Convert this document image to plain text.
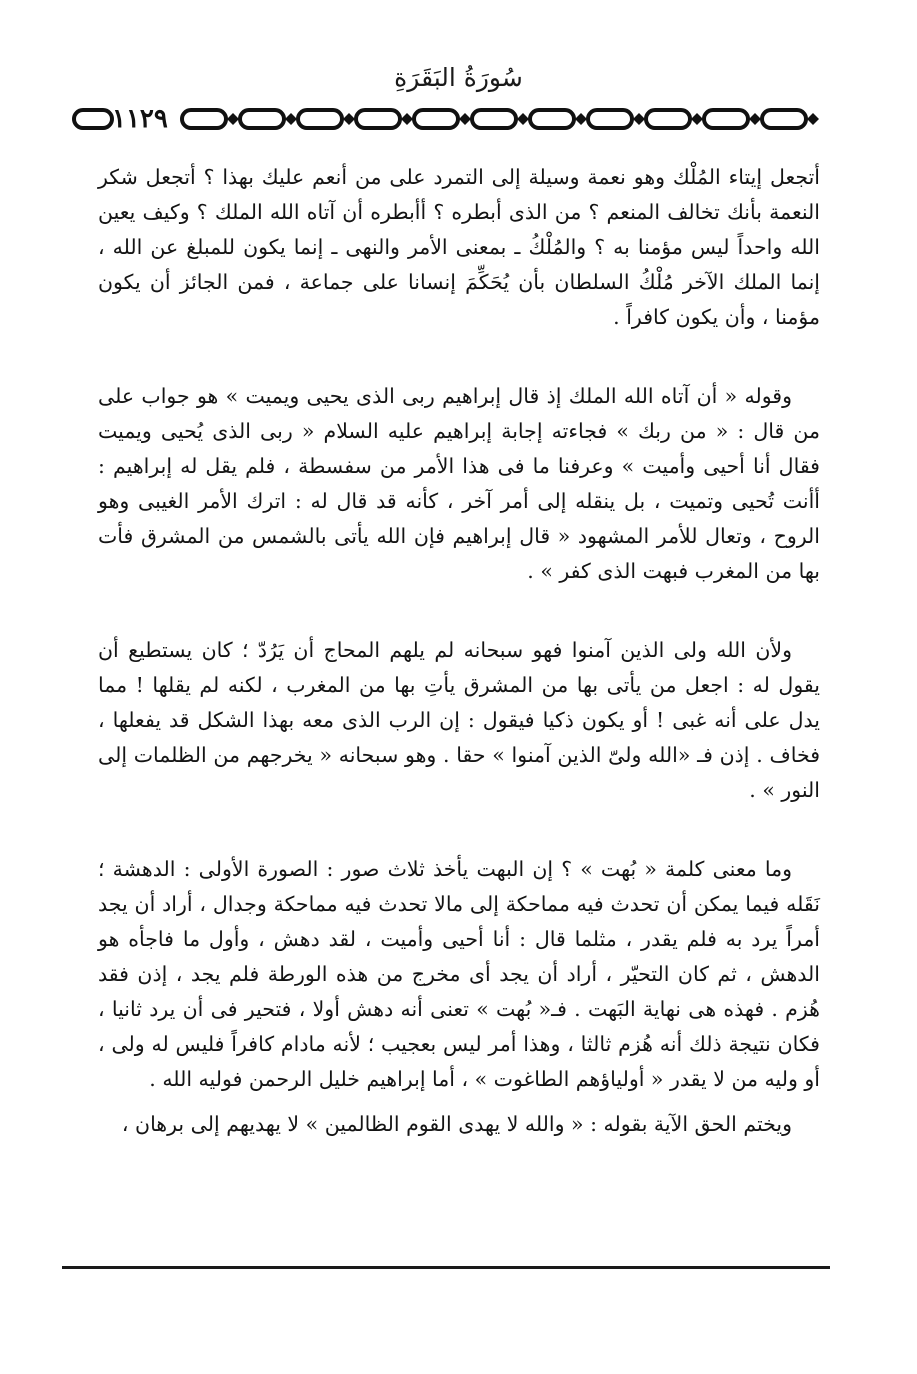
سُورَةُ البَقَرَةِ
١١٢٩

أتجعل إيتاء المُلْك وهو نعمة وسيلة إلى التمرد على من أنعم عليك بهذا ؟ أتجعل شكر النعمة بأنك تخالف المنعم ؟ من الذى أبطره ؟ أأبطره أن آتاه الله الملك ؟ وكيف يعين الله واحداً ليس مؤمنا به ؟ والمُلْكُ ـ بمعنى الأمر والنهى ـ إنما يكون للمبلغ عن الله ، إنما الملك الآخر مُلْكُ السلطان بأن يُحَكِّمَ إنسانا على جماعة ، فمن الجائز أن يكون مؤمنا ، وأن يكون كافراً .

وقوله « أن آتاه الله الملك إذ قال إبراهيم ربى الذى يحيى ويميت » هو جواب على من قال : « من ربك » فجاءته إجابة إبراهيم عليه السلام « ربى الذى يُحيى ويميت فقال أنا أحيى وأميت » وعرفنا ما فى هذا الأمر من سفسطة ، فلم يقل له إبراهيم : أأنت تُحيى وتميت ، بل ينقله إلى أمر آخر ، كأنه قد قال له : اترك الأمر الغيبى وهو الروح ، وتعال للأمر المشهود « قال إبراهيم فإن الله يأتى بالشمس من المشرق فأت بها من المغرب فبهت الذى كفر » .

ولأن الله ولى الذين آمنوا فهو سبحانه لم يلهم المحاج أن يَرُدّ ؛ كان يستطيع أن يقول له : اجعل من يأتى بها من المشرق يأتِ بها من المغرب ، لكنه لم يقلها ! مما يدل على أنه غبى ! أو يكون ذكيا فيقول : إن الرب الذى معه بهذا الشكل قد يفعلها ، فخاف . إذن فـ «الله ولىّ الذين آمنوا » حقا . وهو سبحانه « يخرجهم من الظلمات إلى النور » .

وما معنى كلمة « بُهت » ؟ إن البهت يأخذ ثلاث صور : الصورة الأولى : الدهشة ؛ نَقَله فيما يمكن أن تحدث فيه مماحكة إلى مالا تحدث فيه مماحكة وجدال ، أراد أن يجد أمراً يرد به فلم يقدر ، مثلما قال : أنا أحيى وأميت ، لقد دهش ، وأول ما فاجأه هو الدهش ، ثم كان التحيّر ، أراد أن يجد أى مخرج من هذه الورطة فلم يجد ، إذن فقد هُزم . فهذه هى نهاية البَهت . فـ« بُهت » تعنى أنه دهش أولا ، فتحير فى أن يرد ثانيا ، فكان نتيجة ذلك أنه هُزم ثالثا ، وهذا أمر ليس بعجيب ؛ لأنه مادام كافراً فليس له ولى ، أو وليه من لا يقدر « أولياؤهم الطاغوت » ، أما إبراهيم خليل الرحمن فوليه الله .

ويختم الحق الآية بقوله : « والله لا يهدى القوم الظالمين » لا يهديهم إلى برهان ،
